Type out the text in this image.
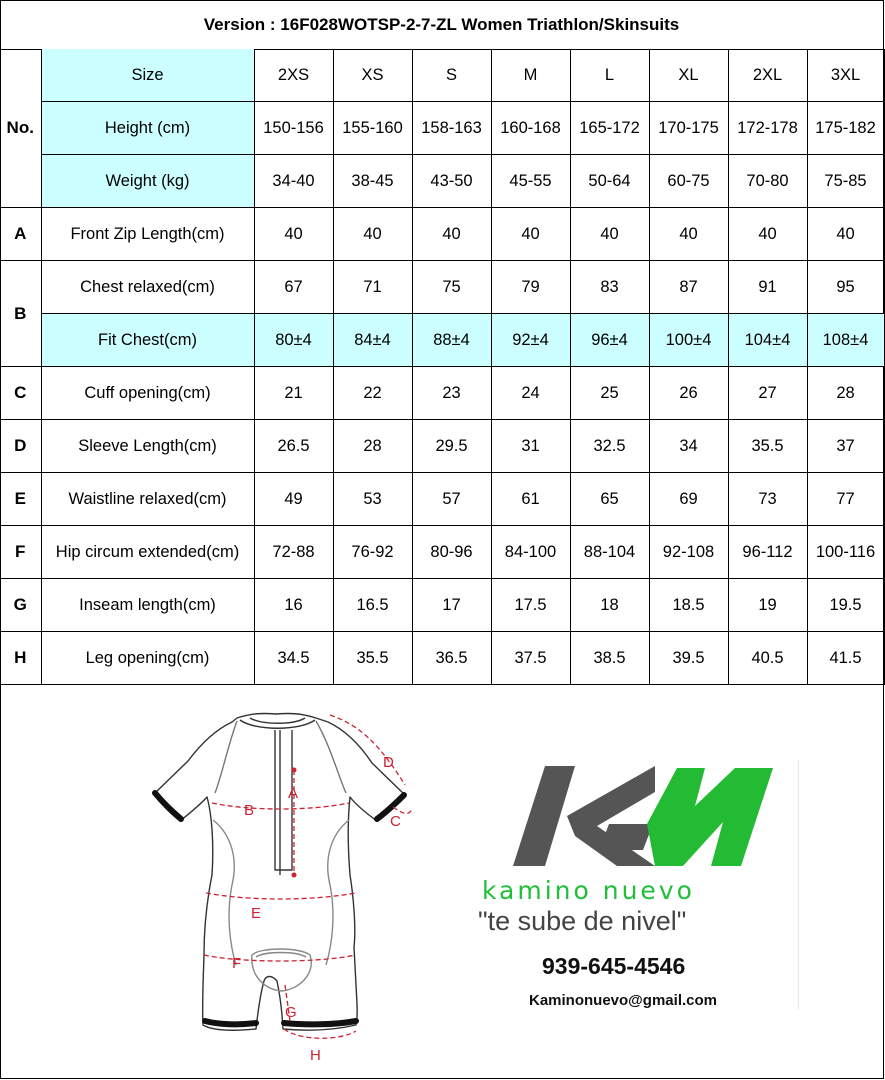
Version : 16F028WOTSP-2-7-ZL Women Triathlon/Skinsuits
No.	Size	2XS	XS	S	M	L	XL	2XL	3XL
	Height (cm)	150-156	155-160	158-163	160-168	165-172	170-175	172-178	175-182
	Weight (kg)	34-40	38-45	43-50	45-55	50-64	60-75	70-80	75-85
A	Front Zip Length(cm)	40	40	40	40	40	40	40	40
B	Chest relaxed(cm)	67	71	75	79	83	87	91	95
	Fit Chest(cm)	80±4	84±4	88±4	92±4	96±4	100±4	104±4	108±4
C	Cuff opening(cm)	21	22	23	24	25	26	27	28
D	Sleeve Length(cm)	26.5	28	29.5	31	32.5	34	35.5	37
E	Waistline relaxed(cm)	49	53	57	61	65	69	73	77
F	Hip circum extended(cm)	72-88	76-92	80-96	84-100	88-104	92-108	96-112	100-116
G	Inseam length(cm)	16	16.5	17	17.5	18	18.5	19	19.5
H	Leg opening(cm)	34.5	35.5	36.5	37.5	38.5	39.5	40.5	41.5
A
B
C
D
E
F
G
H
kamino nuevo
"te sube de nivel"
939-645-4546
Kaminonuevo@gmail.com
